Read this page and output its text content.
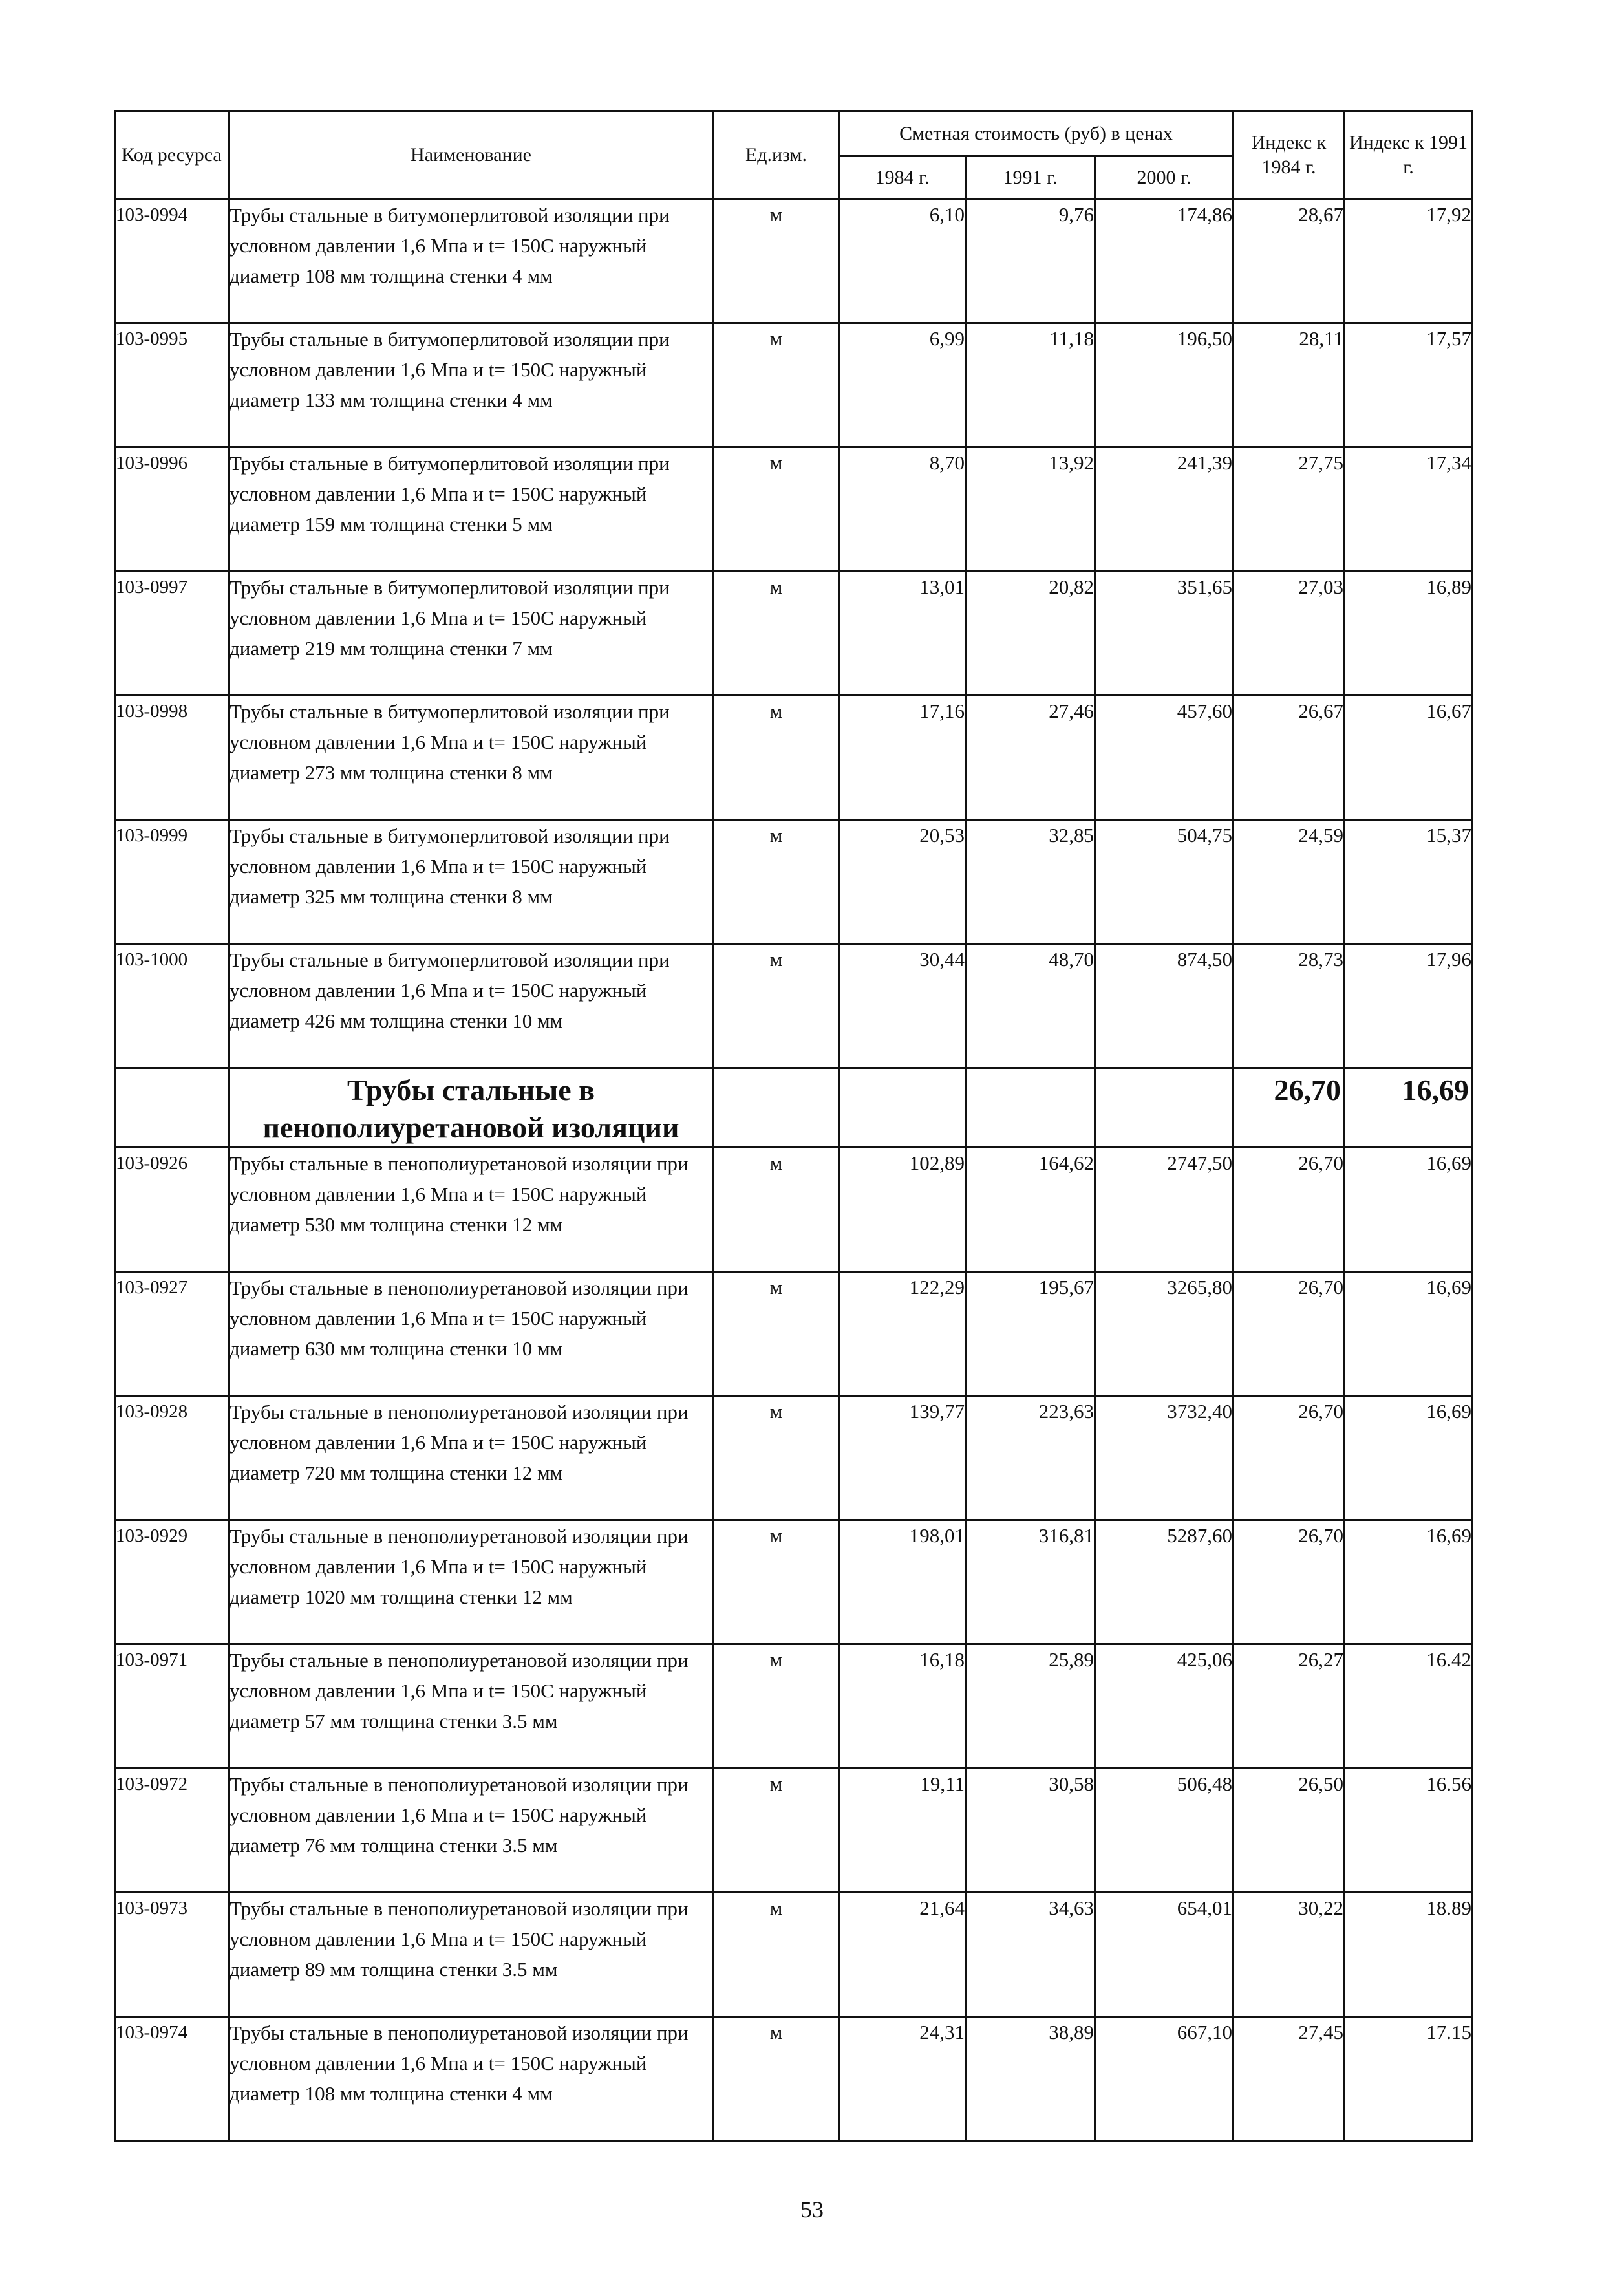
Код ресурса	Наименование	Ед.изм.	Сметная стоимость (руб) в ценах			Индекс к 1984 г.	Индекс к 1991 г.
			1984 г.	1991 г.	2000 г.		
103-0994	Трубы стальные в битумоперлитовой изоляции при условном давлении 1,6 Мпа и t= 150С наружный диаметр 108 мм толщина стенки 4 мм	м	6,10	9,76	174,86	28,67	17,92
103-0995	Трубы стальные в битумоперлитовой изоляции при условном давлении 1,6 Мпа и t= 150С наружный диаметр 133 мм толщина стенки 4 мм	м	6,99	11,18	196,50	28,11	17,57
103-0996	Трубы стальные в битумоперлитовой изоляции при условном давлении 1,6 Мпа и t= 150С наружный диаметр 159 мм толщина стенки 5 мм	м	8,70	13,92	241,39	27,75	17,34
103-0997	Трубы стальные в битумоперлитовой изоляции при условном давлении 1,6 Мпа и t= 150С наружный диаметр 219 мм толщина стенки 7 мм	м	13,01	20,82	351,65	27,03	16,89
103-0998	Трубы стальные в битумоперлитовой изоляции при условном давлении 1,6 Мпа и t= 150С наружный диаметр 273 мм толщина стенки 8 мм	м	17,16	27,46	457,60	26,67	16,67
103-0999	Трубы стальные в битумоперлитовой изоляции при условном давлении 1,6 Мпа и t= 150С наружный диаметр 325 мм толщина стенки 8 мм	м	20,53	32,85	504,75	24,59	15,37
103-1000	Трубы стальные в битумоперлитовой изоляции при условном давлении 1,6 Мпа и t= 150С наружный диаметр 426 мм толщина стенки 10 мм	м	30,44	48,70	874,50	28,73	17,96
	Трубы стальные в пенополиуретановой изоляции					26,70	16,69
103-0926	Трубы стальные в пенополиуретановой изоляции при условном давлении 1,6 Мпа и t= 150С наружный диаметр 530 мм толщина стенки 12 мм	м	102,89	164,62	2747,50	26,70	16,69
103-0927	Трубы стальные в пенополиуретановой изоляции при условном давлении 1,6 Мпа и t= 150С наружный диаметр 630 мм толщина стенки 10 мм	м	122,29	195,67	3265,80	26,70	16,69
103-0928	Трубы стальные в пенополиуретановой изоляции при условном давлении 1,6 Мпа и t= 150С наружный диаметр 720 мм толщина стенки 12 мм	м	139,77	223,63	3732,40	26,70	16,69
103-0929	Трубы стальные в пенополиуретановой изоляции при условном давлении 1,6 Мпа и t= 150С наружный диаметр 1020 мм толщина стенки 12 мм	м	198,01	316,81	5287,60	26,70	16,69
103-0971	Трубы стальные в пенополиуретановой изоляции при условном давлении 1,6 Мпа и t= 150С наружный диаметр 57 мм толщина стенки 3.5 мм	м	16,18	25,89	425,06	26,27	16.42
103-0972	Трубы стальные в пенополиуретановой изоляции при условном давлении 1,6 Мпа и t= 150С наружный диаметр 76 мм толщина стенки 3.5 мм	м	19,11	30,58	506,48	26,50	16.56
103-0973	Трубы стальные в пенополиуретановой изоляции при условном давлении 1,6 Мпа и t= 150С наружный диаметр 89 мм толщина стенки 3.5 мм	м	21,64	34,63	654,01	30,22	18.89
103-0974	Трубы стальные в пенополиуретановой изоляции при условном давлении 1,6 Мпа и t= 150С наружный диаметр 108 мм толщина стенки 4 мм	м	24,31	38,89	667,10	27,45	17.15
53
